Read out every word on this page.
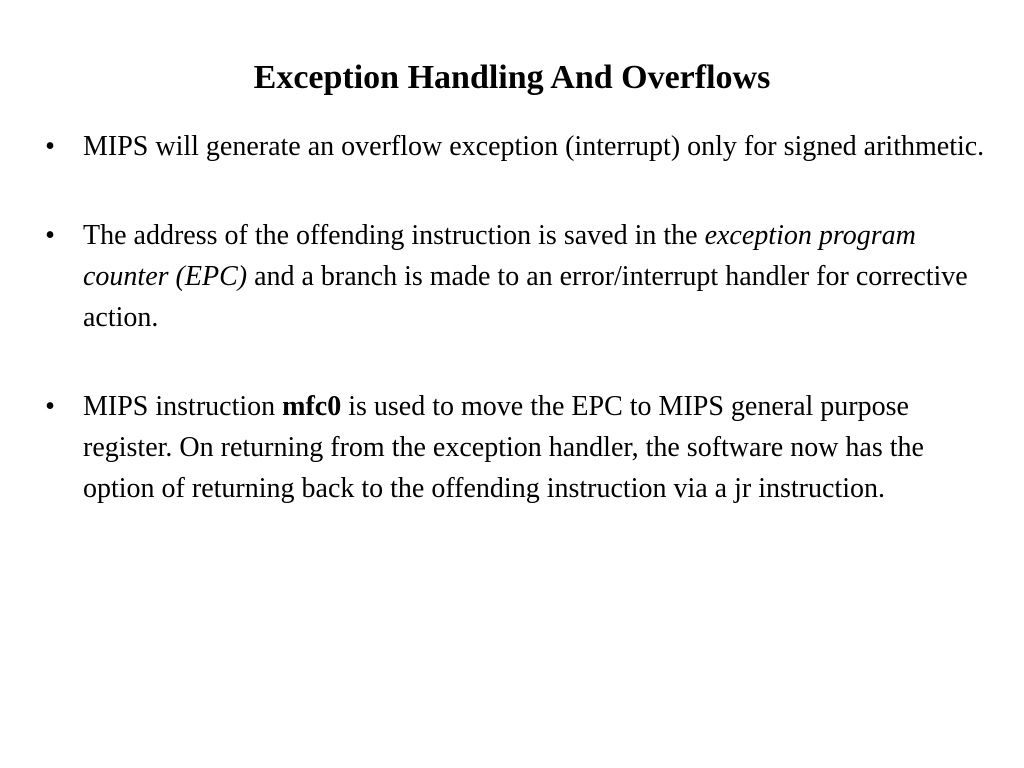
Exception Handling And Overflows
• MIPS will generate an overflow exception (interrupt) only for signed arithmetic.
• The address of the offending instruction is saved in the exception program counter (EPC) and a branch is made to an error/interrupt handler for corrective action.
• MIPS instruction mfc0 is used to move the EPC to MIPS general purpose register. On returning from the exception handler, the software now has the option of returning back to the offending instruction via a jr instruction.
